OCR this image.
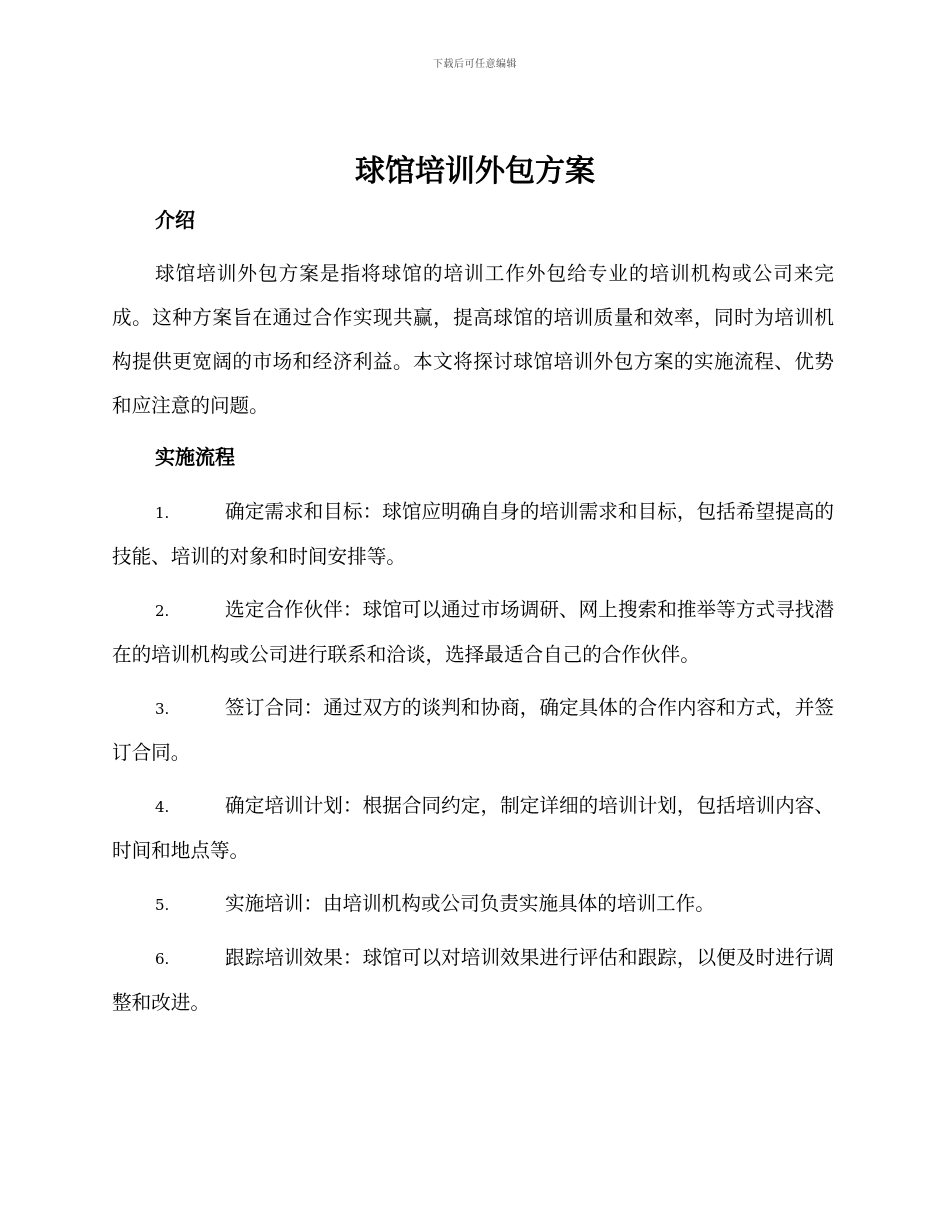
下载后可任意编辑
球馆培训外包方案
介绍

球馆培训外包方案是指将球馆的培训工作外包给专业的培训机构或公司来完成。这种方案旨在通过合作实现共赢，提高球馆的培训质量和效率，同时为培训机构提供更宽阔的市场和经济利益。本文将探讨球馆培训外包方案的实施流程、优势和应注意的问题。

实施流程
1.	确定需求和目标：球馆应明确自身的培训需求和目标，包括希望提高的技能、培训的对象和时间安排等。
2.	选定合作伙伴：球馆可以通过市场调研、网上搜索和推举等方式寻找潜在的培训机构或公司进行联系和洽谈，选择最适合自己的合作伙伴。
3.	签订合同：通过双方的谈判和协商，确定具体的合作内容和方式，并签订合同。
4.	确定培训计划：根据合同约定，制定详细的培训计划，包括培训内容、时间和地点等。
5.	实施培训：由培训机构或公司负责实施具体的培训工作。
6.	跟踪培训效果：球馆可以对培训效果进行评估和跟踪，以便及时进行调整和改进。
